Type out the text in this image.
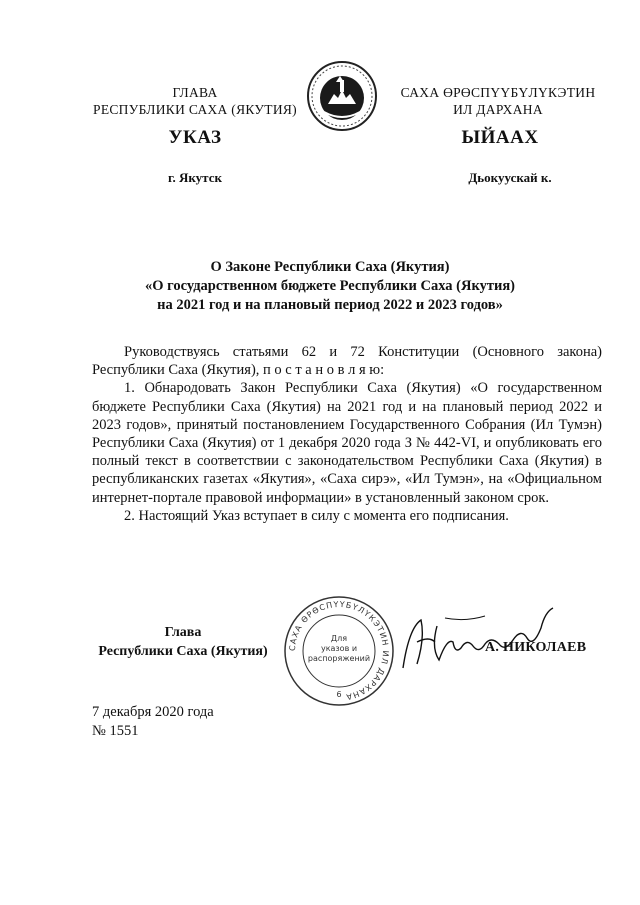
ГЛАВА
РЕСПУБЛИКИ САХА (ЯКУТИЯ)
САХА ӨРӨСПҮҮБҮЛҮКЭТИН
ИЛ ДАРХАНА
УКАЗ	ЫЙААХ
г. Якутск	Дьокуускай к.
О Законе Республики Саха (Якутия)
«О государственном бюджете Республики Саха (Якутия)
на 2021 год и на плановый период 2022 и 2023 годов»

Руководствуясь статьями 62 и 72 Конституции (Основного закона) Республики Саха (Якутия), п о с т а н о в л я ю:

1. Обнародовать Закон Республики Саха (Якутия) «О государственном бюджете Республики Саха (Якутия) на 2021 год и на плановый период 2022 и 2023 годов», принятый постановлением Государственного Собрания (Ил Тумэн) Республики Саха (Якутия) от 1 декабря 2020 года З № 442-VI, и опубликовать его полный текст в соответствии с законодательством Республики Саха (Якутия) в республиканских газетах «Якутия», «Саха сирэ», «Ил Тумэн», на «Официальном интернет-портале правовой информации» в установленный законом срок.

2. Настоящий Указ вступает в силу с момента его подписания.

Глава
Республики Саха (Якутия)	САХА ӨРӨСПҮҮБҮЛҮКЭТИН ИЛ ДАРХАНА
Для
указов и
распоряжений
6
А. НИКОЛАЕВ
7 декабря 2020 года
№ 1551
